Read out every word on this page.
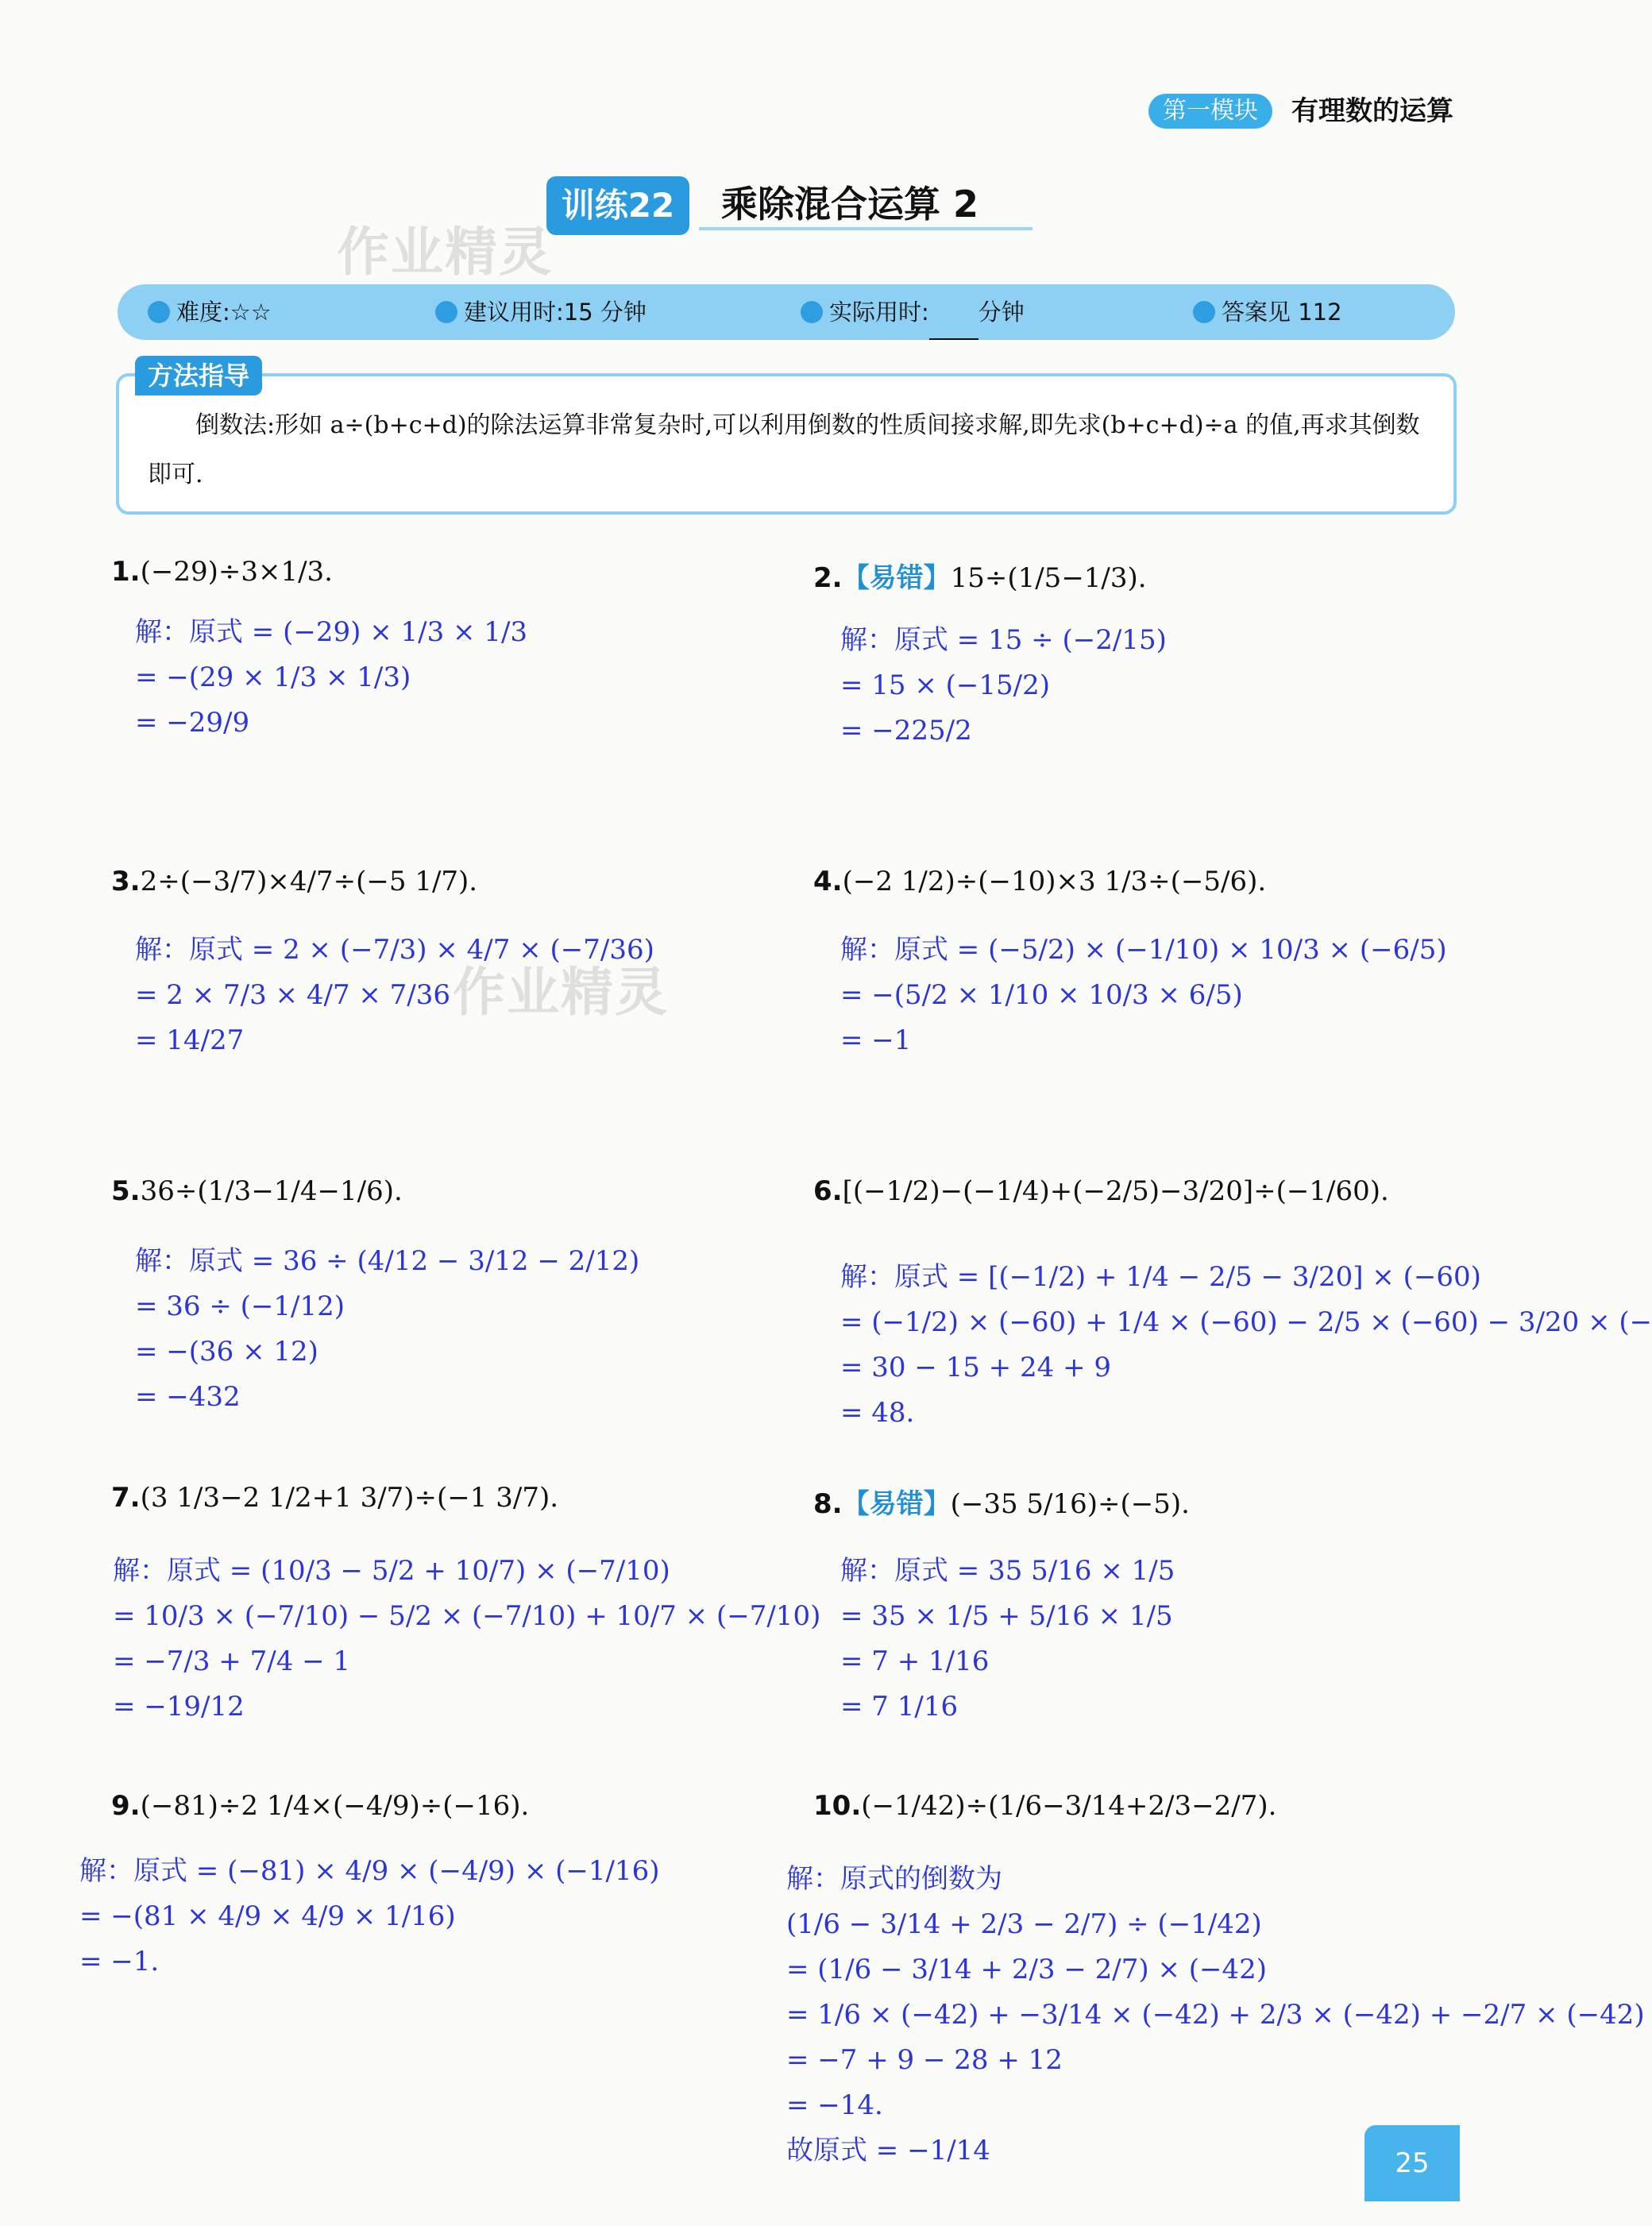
第一模块	有理数的运算
训练22	乘除混合运算 2
作业精灵
难度:☆☆	建议用时:15 分钟	实际用时: 分钟	答案见 112
方法指导
倒数法:形如 a÷(b+c+d)的除法运算非常复杂时,可以利用倒数的性质间接求解,即先求(b+c+d)÷a 的值,再求其倒数即可.
1.(−29)÷3×1/3.
解：原式 = (−29) × 1/3 × 1/3
= −(29 × 1/3 × 1/3)
= −29/9
2.【易错】15÷(1/5−1/3).
解：原式 = 15 ÷ (−2/15)
= 15 × (−15/2)
= −225/2
3.2÷(−3/7)×4/7÷(−5 1/7).
解：原式 = 2 × (−7/3) × 4/7 × (−7/36)
= 2 × 7/3 × 4/7 × 7/36
= 14/27
作业精灵
4.(−2 1/2)÷(−10)×3 1/3÷(−5/6).
解：原式 = (−5/2) × (−1/10) × 10/3 × (−6/5)
= −(5/2 × 1/10 × 10/3 × 6/5)
= −1
5.36÷(1/3−1/4−1/6).
解：原式 = 36 ÷ (4/12 − 3/12 − 2/12)
= 36 ÷ (−1/12)
= −(36 × 12)
= −432
6.[(−1/2)−(−1/4)+(−2/5)−3/20]÷(−1/60).
解：原式 = [(−1/2) + 1/4 − 2/5 − 3/20] × (−60)
= (−1/2) × (−60) + 1/4 × (−60) − 2/5 × (−60) − 3/20 × (−
= 30 − 15 + 24 + 9
= 48.
7.(3 1/3−2 1/2+1 3/7)÷(−1 3/7).
解：原式 = (10/3 − 5/2 + 10/7) × (−7/10)
= 10/3 × (−7/10) − 5/2 × (−7/10) + 10/7 × (−7/10)
= −7/3 + 7/4 − 1
= −19/12
8.【易错】(−35 5/16)÷(−5).
解：原式 = 35 5/16 × 1/5
= 35 × 1/5 + 5/16 × 1/5
= 7 + 1/16
= 7 1/16
9.(−81)÷2 1/4×(−4/9)÷(−16).
解：原式 = (−81) × 4/9 × (−4/9) × (−1/16)
= −(81 × 4/9 × 4/9 × 1/16)
= −1.
10.(−1/42)÷(1/6−3/14+2/3−2/7).
解：原式的倒数为
(1/6 − 3/14 + 2/3 − 2/7) ÷ (−1/42)
= (1/6 − 3/14 + 2/3 − 2/7) × (−42)
= 1/6 × (−42) + −3/14 × (−42) + 2/3 × (−42) + −2/7 × (−42)
= −7 + 9 − 28 + 12
= −14.
故原式 = −1/14	25
